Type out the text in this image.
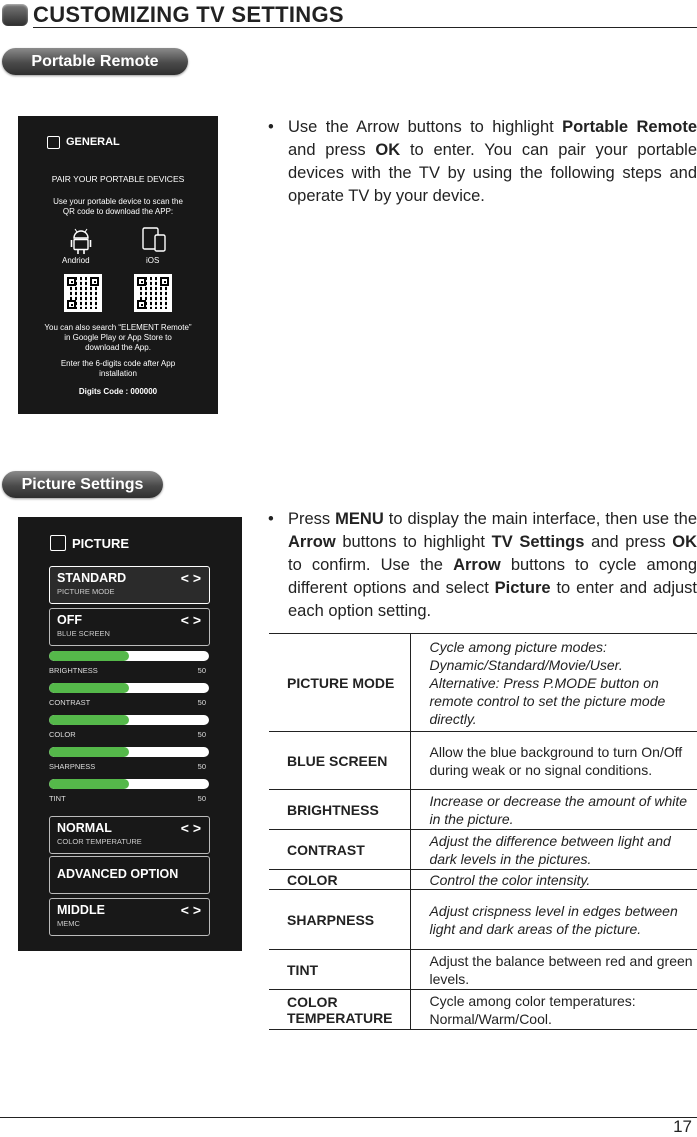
CUSTOMIZING TV SETTINGS
Portable Remote
GENERAL
PAIR YOUR PORTABLE DEVICES
Use your portable device to scan the
QR code to download the APP:
Andriod	iOS
You can also search “ELEMENT Remote”
in Google Play or App Store to
download the App.
Enter the 6-digits code after App
installation
Digits Code : 000000
• Use the Arrow buttons to highlight Portable Remote and press OK to enter. You can pair your portable devices with the TV by using the following steps and operate TV by your device.
Picture Settings
PICTURE
STANDARD
PICTURE MODE
< >
OFF
BLUE SCREEN
< >
BRIGHTNESS	50
CONTRAST	50
COLOR	50
SHARPNESS	50
TINT	50
NORMAL
COLOR TEMPERATURE
< >
ADVANCED OPTION
MIDDLE
MEMC
< >
• Press MENU to display the main interface, then use the Arrow buttons to highlight TV Settings and press OK to confirm. Use the Arrow buttons to cycle among different options and select Picture to enter and adjust each option setting.
PICTURE MODE	Cycle among picture modes: Dynamic/Standard/Movie/User. Alternative: Press P.MODE button on remote control to set the picture mode directly.
BLUE SCREEN	Allow the blue background to turn On/Off during weak or no signal conditions.
BRIGHTNESS	Increase or decrease the amount of white in the picture.
CONTRAST	Adjust the difference between light and dark levels in the pictures.
COLOR	Control the color intensity.
SHARPNESS	Adjust crispness level in edges between light and dark areas of the picture.
TINT	Adjust the balance between red and green levels.
COLOR TEMPERATURE	Cycle among color temperatures: Normal/Warm/Cool.
17
